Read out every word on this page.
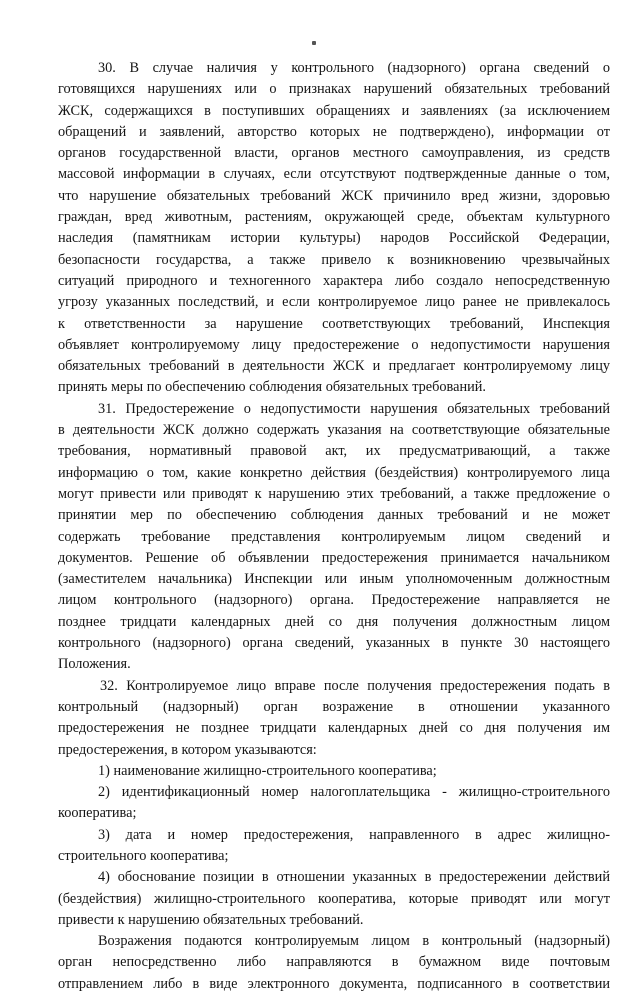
30. В случае наличия у контрольного (надзорного) органа сведений о
готовящихся нарушениях или о признаках нарушений обязательных требований
ЖСК, содержащихся в поступивших обращениях и заявлениях (за исключением
обращений и заявлений, авторство которых не подтверждено), информации от
органов государственной власти, органов местного самоуправления, из средств
массовой информации в случаях, если отсутствуют подтвержденные данные о том,
что нарушение обязательных требований ЖСК причинило вред жизни, здоровью
граждан, вред животным, растениям, окружающей среде, объектам культурного
наследия (памятникам истории культуры) народов Российской Федерации,
безопасности государства, а также привело к возникновению чрезвычайных
ситуаций природного и техногенного характера либо создало непосредственную
угрозу указанных последствий, и если контролируемое лицо ранее не привлекалось
к ответственности за нарушение соответствующих требований, Инспекция
объявляет контролируемому лицу предостережение о недопустимости нарушения
обязательных требований в деятельности ЖСК и предлагает контролируемому лицу
принять меры по обеспечению соблюдения обязательных требований.
31. Предостережение о недопустимости нарушения обязательных требований
в деятельности ЖСК должно содержать указания на соответствующие обязательные
требования, нормативный правовой акт, их предусматривающий, а также
информацию о том, какие конкретно действия (бездействия) контролируемого лица
могут привести или приводят к нарушению этих требований, а также предложение о
принятии мер по обеспечению соблюдения данных требований и не может
содержать требование представления контролируемым лицом сведений и
документов. Решение об объявлении предостережения принимается начальником
(заместителем начальника) Инспекции или иным уполномоченным должностным
лицом контрольного (надзорного) органа. Предостережение направляется не
позднее тридцати календарных дней со дня получения должностным лицом
контрольного (надзорного) органа сведений, указанных в пункте 30 настоящего
Положения.
32. Контролируемое лицо вправе после получения предостережения подать в
контрольный (надзорный) орган возражение в отношении указанного
предостережения не позднее тридцати календарных дней со дня получения им
предостережения, в котором указываются:
1) наименование жилищно-строительного кооператива;
2) идентификационный номер налогоплательщика - жилищно-строительного
кооператива;
3) дата и номер предостережения, направленного в адрес жилищно-
строительного кооператива;
4) обоснование позиции в отношении указанных в предостережении действий
(бездействия) жилищно-строительного кооператива, которые приводят или могут
привести к нарушению обязательных требований.
Возражения подаются контролируемым лицом в контрольный (надзорный)
орган непосредственно либо направляются в бумажном виде почтовым
отправлением либо в виде электронного документа, подписанного в соответствии
